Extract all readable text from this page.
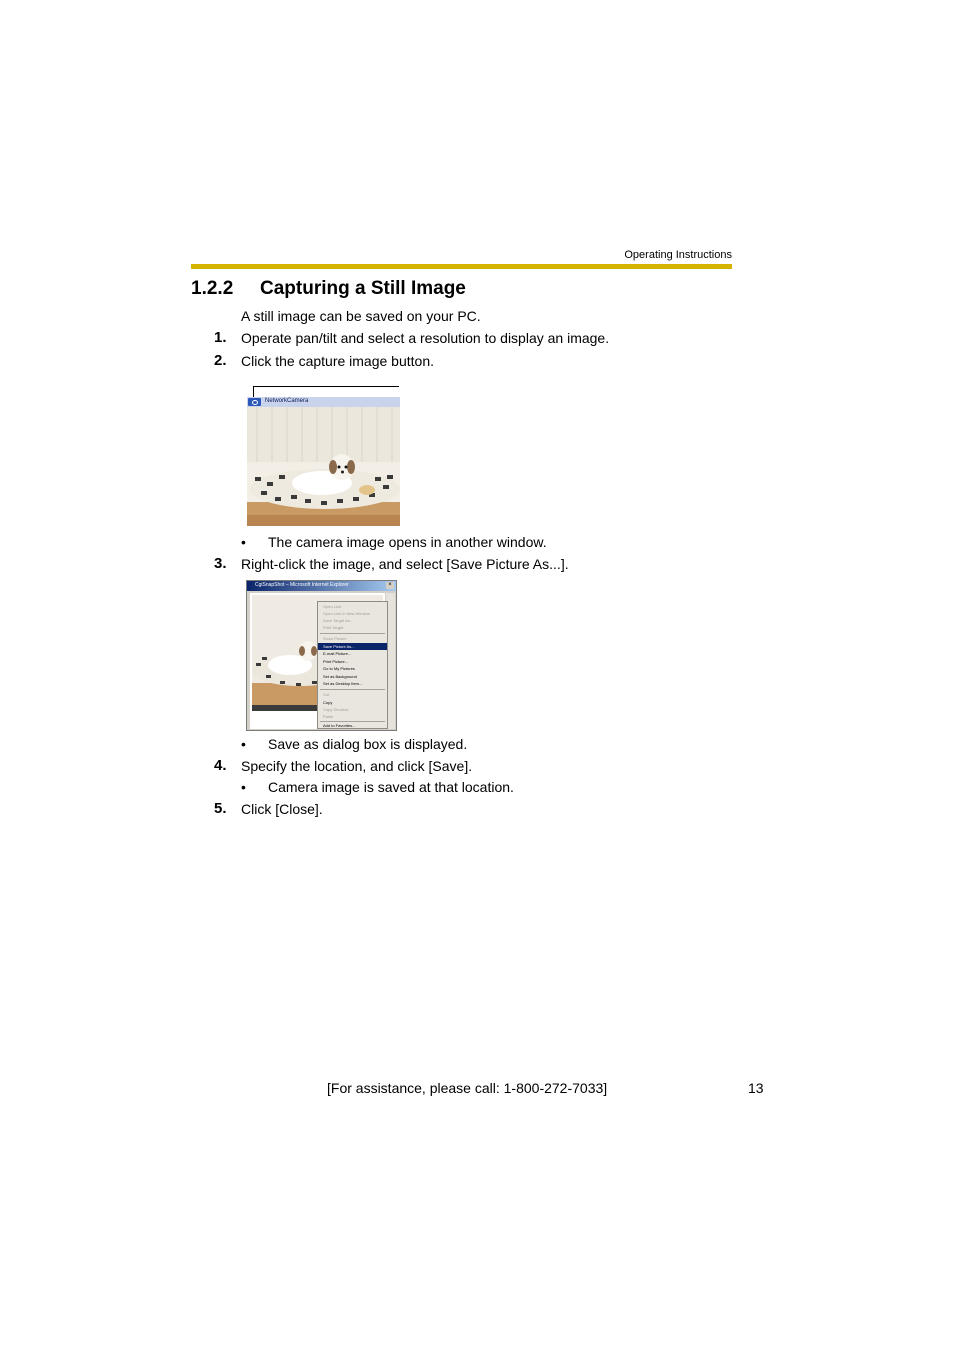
Operating Instructions
1.2.2 Capturing a Still Image
A still image can be saved on your PC.
1. Operate pan/tilt and select a resolution to display an image.
2. Click the capture image button.
NetworkCamera
• The camera image opens in another window.
3. Right-click the image, and select [Save Picture As...].
CgiSnapShot – Microsoft Internet Explorer	×
Open Link
Open Link in New Window
Save Target As...
Print Target
Show Picture
Save Picture As...
E-mail Picture...
Print Picture...
Go to My Pictures
Set as Background
Set as Desktop Item...
Cut
Copy
Copy Shortcut
Paste
Add to Favorites...
• Save as dialog box is displayed.
4. Specify the location, and click [Save].
• Camera image is saved at that location.
5. Click [Close].
[For assistance, please call: 1-800-272-7033]	13
